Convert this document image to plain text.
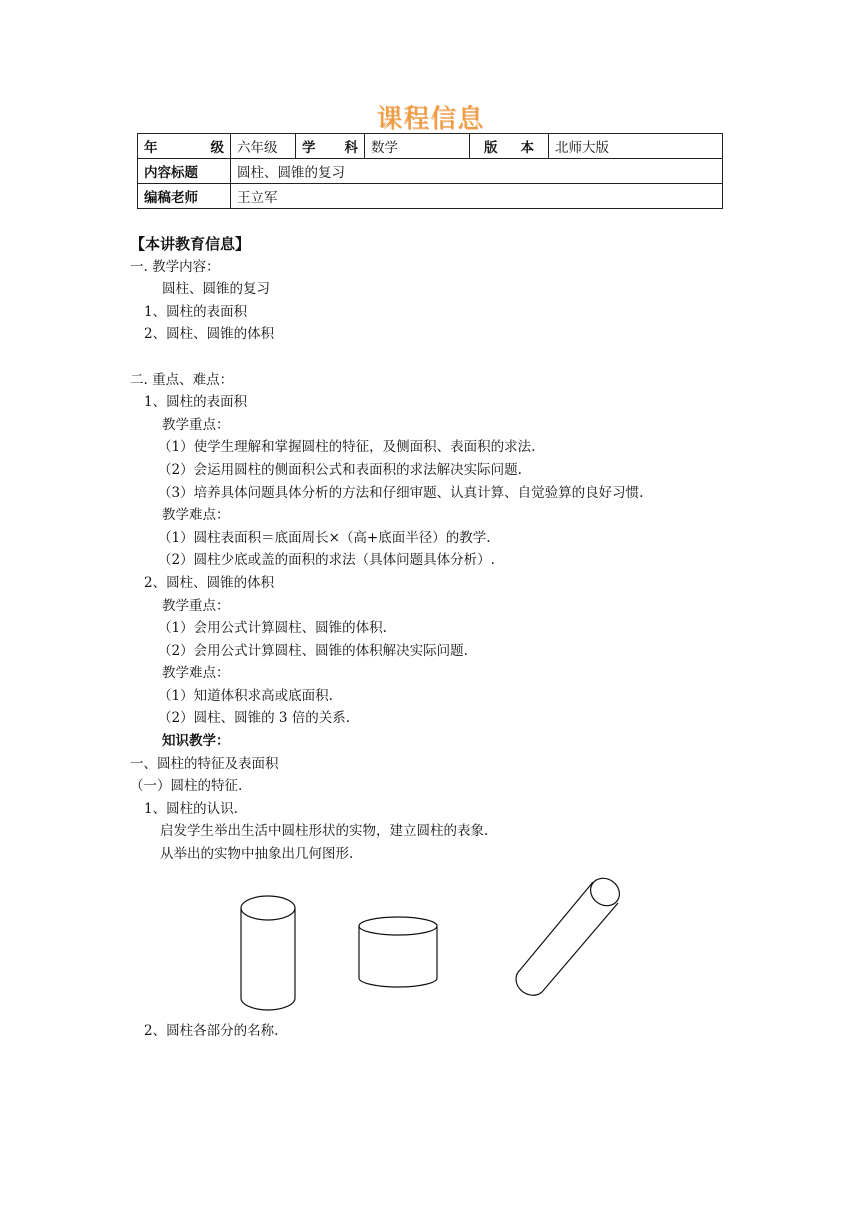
课程信息
年 级	六年级	学 科	数学	版 本	北师大版
内容标题	圆柱、圆锥的复习				
编稿老师	王立军				
【本讲教育信息】
一. 教学内容：
圆柱、圆锥的复习
1、圆柱的表面积
2、圆柱、圆锥的体积
二. 重点、难点：
1、圆柱的表面积
教学重点：
（1）使学生理解和掌握圆柱的特征，及侧面积、表面积的求法.
（2）会运用圆柱的侧面积公式和表面积的求法解决实际问题.
（3）培养具体问题具体分析的方法和仔细审题、认真计算、自觉验算的良好习惯.
教学难点：
（1）圆柱表面积＝底面周长×（高+底面半径）的教学.
（2）圆柱少底或盖的面积的求法（具体问题具体分析）.
2、圆柱、圆锥的体积
教学重点：
（1）会用公式计算圆柱、圆锥的体积.
（2）会用公式计算圆柱、圆锥的体积解决实际问题.
教学难点：
（1）知道体积求高或底面积.
（2）圆柱、圆锥的 3 倍的关系.
知识教学：
一、圆柱的特征及表面积
（一）圆柱的特征.
1、圆柱的认识.
启发学生举出生活中圆柱形状的实物，建立圆柱的表象.
从举出的实物中抽象出几何图形.
2、圆柱各部分的名称.
